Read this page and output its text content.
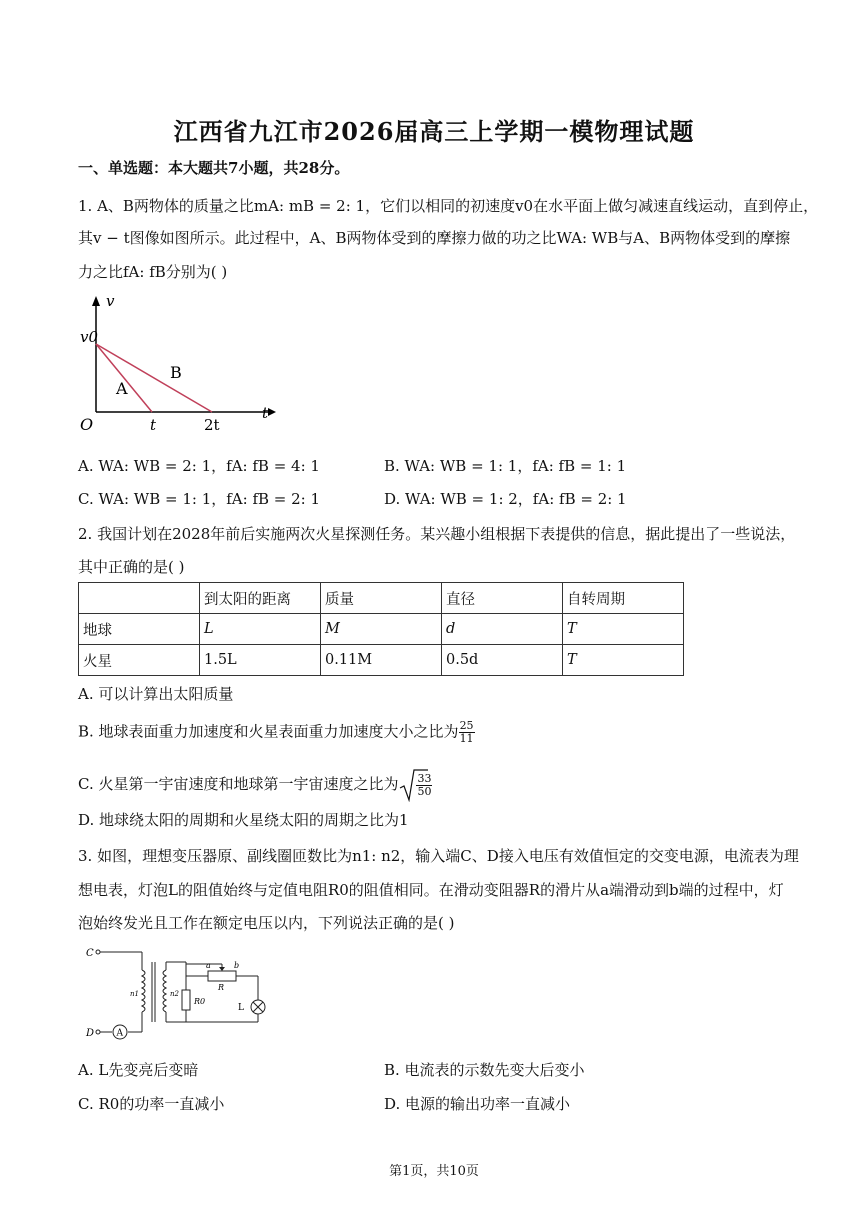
江西省九江市2026届高三上学期一模物理试题
一、单选题：本大题共7小题，共28分。
1. A、B两物体的质量之比mA: mB = 2: 1，它们以相同的初速度v0在水平面上做匀减速直线运动，直到停止，
其v − t图像如图所示。此过程中，A、B两物体受到的摩擦力做的功之比WA: WB与A、B两物体受到的摩擦
力之比fA: fB分别为( )
v
t
v0
O	t	2t
A
B
A. WA: WB = 2: 1，fA: fB = 4: 1	B. WA: WB = 1: 1，fA: fB = 1: 1
C. WA: WB = 1: 1，fA: fB = 2: 1	D. WA: WB = 1: 2，fA: fB = 2: 1
2. 我国计划在2028年前后实施两次火星探测任务。某兴趣小组根据下表提供的信息，据此提出了一些说法，
其中正确的是( )
	到太阳的距离	质量	直径	自转周期
地球	L	M	d	T
火星	1.5L	0.11M	0.5d	T
A. 可以计算出太阳质量
B. 地球表面重力加速度和火星表面重力加速度大小之比为 $\frac{25}{11}$
C. 火星第一宇宙速度和地球第一宇宙速度之比为 $\frac{33}{50}$
D. 地球绕太阳的周期和火星绕太阳的周期之比为1
3. 如图，理想变压器原、副线圈匝数比为n1: n2，输入端C、D接入电压有效值恒定的交变电源，电流表为理
想电表，灯泡L的阻值始终与定值电阻R0的阻值相同。在滑动变阻器R的滑片从a端滑动到b端的过程中，灯
泡始终发光且工作在额定电压以内，下列说法正确的是( )
A
C
D
n1	n2
a	b
R
R0
L
A. L先变亮后变暗	B. 电流表的示数先变大后变小
C. R0的功率一直减小	D. 电源的输出功率一直减小
第1页，共10页
